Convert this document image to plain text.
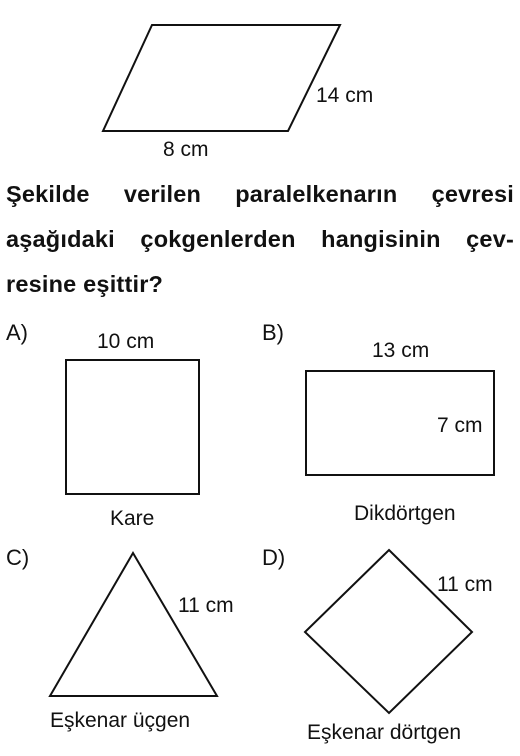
14 cm
8 cm
Şekilde verilen paralelkenarın çevresi aşağıdaki çokgenlerden hangisinin çev-resine eşittir?
A)	10 cm
Kare
B)
13 cm
7 cm
Dikdörtgen
C)
11 cm
Eşkenar üçgen
D)
11 cm
Eşkenar dörtgen
